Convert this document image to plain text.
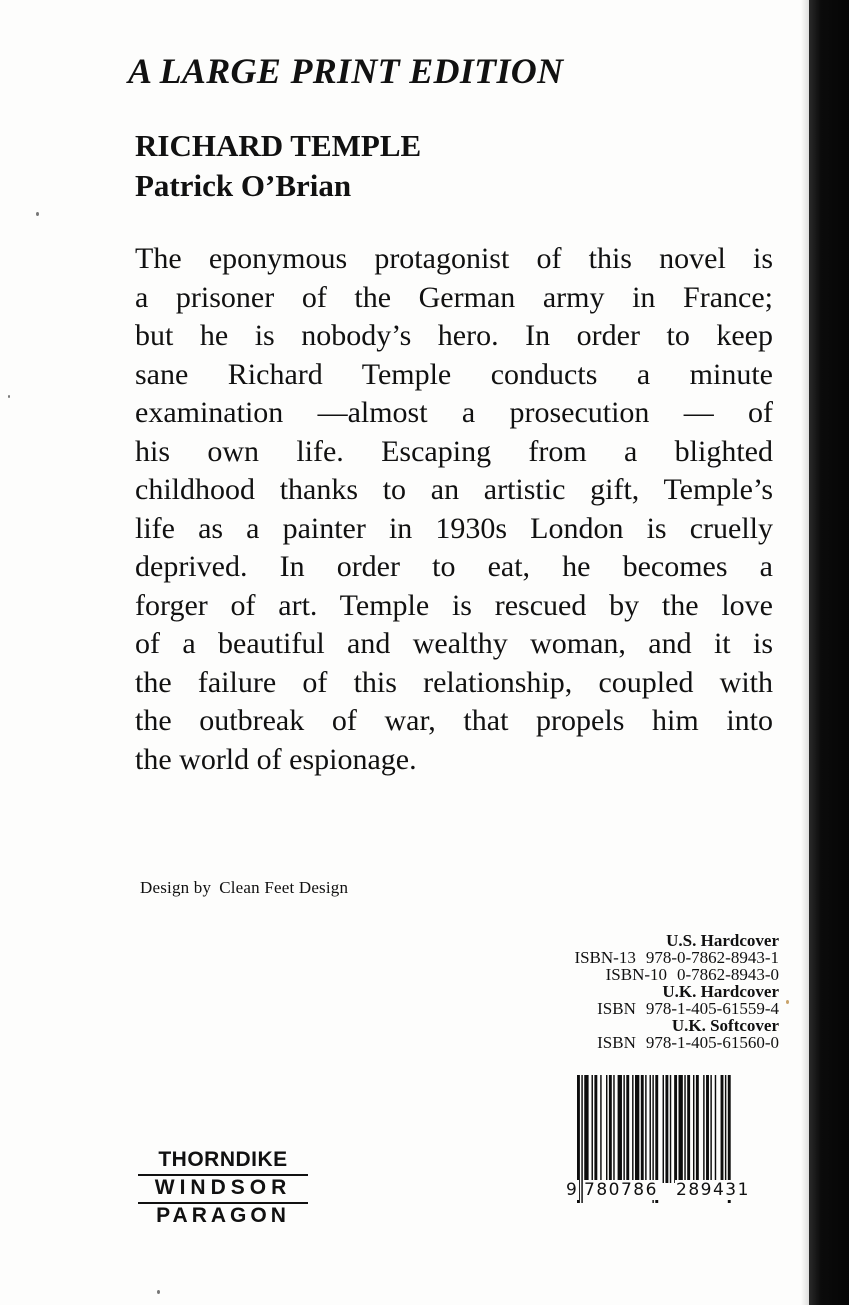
A LARGE PRINT EDITION
RICHARD TEMPLE
Patrick O’Brian
The eponymous protagonist of this novel is
a prisoner of the German army in France;
but he is nobody’s hero. In order to keep
sane Richard Temple conducts a minute
examination —almost a prosecution — of
his own life. Escaping from a blighted
childhood thanks to an artistic gift, Temple’s
life as a painter in 1930s London is cruelly
deprived. In order to eat, he becomes a
forger of art. Temple is rescued by the love
of a beautiful and wealthy woman, and it is
the failure of this relationship, coupled with
the outbreak of war, that propels him into
the world of espionage.
Design by Clean Feet Design
U.S. Hardcover
ISBN-13 978-0-7862-8943-1
ISBN-10 0-7862-8943-0
U.K. Hardcover
ISBN 978-1-405-61559-4
U.K. Softcover
ISBN 978-1-405-61560-0
9 780786 289431
THORNDIKE
WINDSOR
PARAGON
